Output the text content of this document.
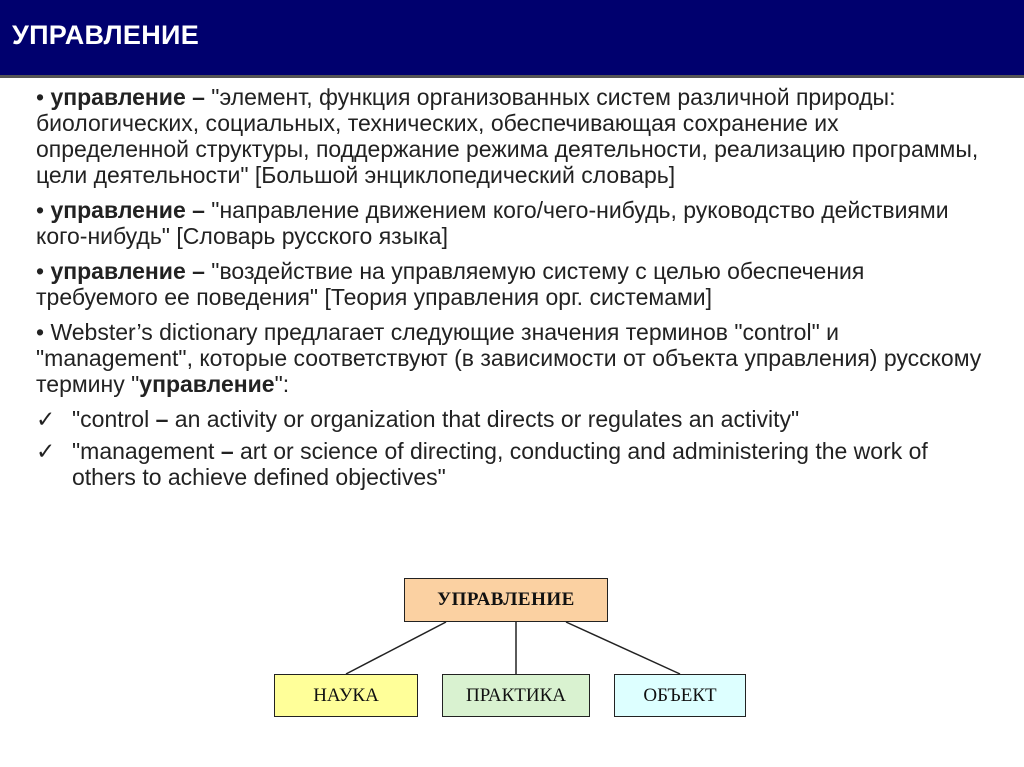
УПРАВЛЕНИЕ
• управление – "элемент, функция организованных систем различной природы: биологических, социальных, технических, обеспечивающая сохранение их определенной структуры, поддержание режима деятельности, реализацию программы, цели деятельности" [Большой энциклопедический словарь]
• управление – "направление движением кого/чего-нибудь, руководство действиями кого-нибудь" [Словарь русского языка]
• управление – "воздействие на управляемую систему с целью обеспечения требуемого ее поведения" [Теория управления орг. системами]
• Webster’s dictionary предлагает следующие значения терминов "control" и "management", которые соответствуют (в зависимости от объекта управления) русскому термину "управление":
✓ "control – an activity or organization that directs or regulates an activity"
✓ "management – art or science of directing, conducting and administering the work of others to achieve defined objectives"
УПРАВЛЕНИЕ
НАУКА	ПРАКТИКА	ОБЪЕКТ
